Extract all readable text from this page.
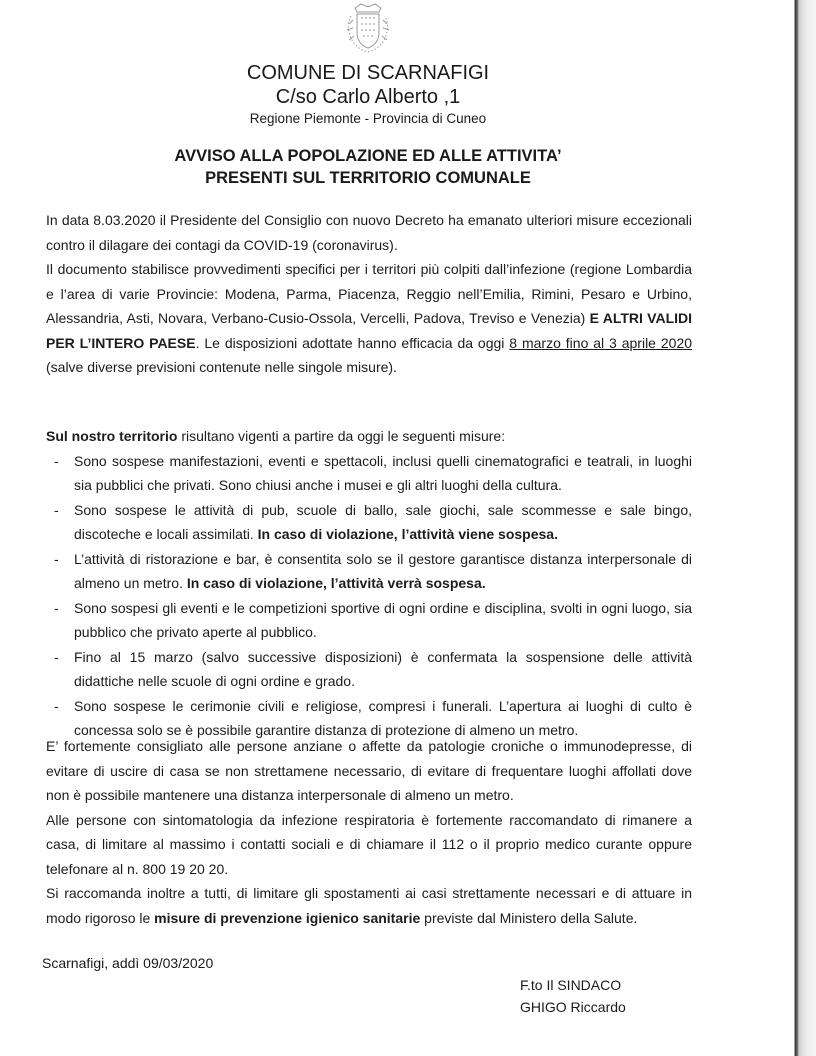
COMUNE DI SCARNAFIGI
C/so Carlo Alberto ,1
Regione Piemonte - Provincia di Cuneo
AVVISO ALLA POPOLAZIONE ED ALLE ATTIVITA’
PRESENTI SUL TERRITORIO COMUNALE

In data 8.03.2020 il Presidente del Consiglio con nuovo Decreto ha emanato ulteriori misure eccezionali contro il dilagare dei contagi da COVID-19 (coronavirus).

Il documento stabilisce provvedimenti specifici per i territori più colpiti dall’infezione (regione Lombardia e l’area di varie Provincie: Modena, Parma, Piacenza, Reggio nell’Emilia, Rimini, Pesaro e Urbino, Alessandria, Asti, Novara, Verbano-Cusio-Ossola, Vercelli, Padova, Treviso e Venezia) E ALTRI VALIDI PER L’INTERO PAESE. Le disposizioni adottate hanno efficacia da oggi 8 marzo fino al 3 aprile 2020 (salve diverse previsioni contenute nelle singole misure).

Sul nostro territorio risultano vigenti a partire da oggi le seguenti misure:

- Sono sospese manifestazioni, eventi e spettacoli, inclusi quelli cinematografici e teatrali, in luoghi sia pubblici che privati. Sono chiusi anche i musei e gli altri luoghi della cultura.
- Sono sospese le attività di pub, scuole di ballo, sale giochi, sale scommesse e sale bingo, discoteche e locali assimilati. In caso di violazione, l’attività viene sospesa.
- L’attività di ristorazione e bar, è consentita solo se il gestore garantisce distanza interpersonale di almeno un metro. In caso di violazione, l’attività verrà sospesa.
- Sono sospesi gli eventi e le competizioni sportive di ogni ordine e disciplina, svolti in ogni luogo, sia pubblico che privato aperte al pubblico.
- Fino al 15 marzo (salvo successive disposizioni) è confermata la sospensione delle attività didattiche nelle scuole di ogni ordine e grado.
- Sono sospese le cerimonie civili e religiose, compresi i funerali. L’apertura ai luoghi di culto è concessa solo se è possibile garantire distanza di protezione di almeno un metro.

E’ fortemente consigliato alle persone anziane o affette da patologie croniche o immunodepresse, di evitare di uscire di casa se non strettamene necessario, di evitare di frequentare luoghi affollati dove non è possibile mantenere una distanza interpersonale di almeno un metro.

Alle persone con sintomatologia da infezione respiratoria è fortemente raccomandato di rimanere a casa, di limitare al massimo i contatti sociali e di chiamare il 112 o il proprio medico curante oppure telefonare al n. 800 19 20 20.

Si raccomanda inoltre a tutti, di limitare gli spostamenti ai casi strettamente necessari e di attuare in modo rigoroso le misure di prevenzione igienico sanitarie previste dal Ministero della Salute.

Scarnafigi, addì 09/03/2020
F.to Il SINDACO
GHIGO Riccardo
